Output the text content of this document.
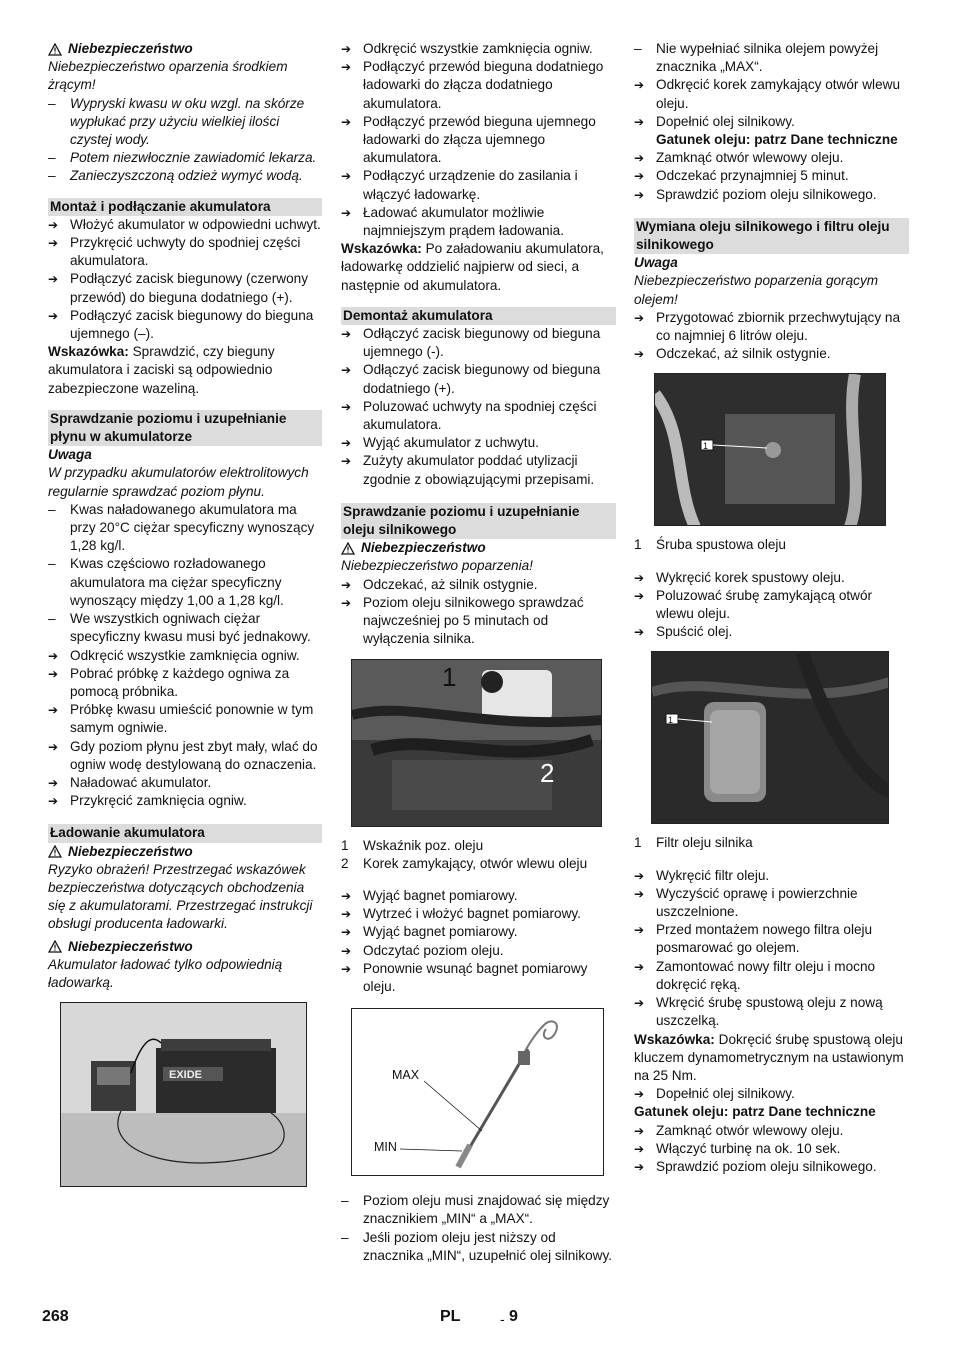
Niebezpieczeństwo
Niebezpieczeństwo oparzenia środkiem żrącym!
– Wypryski kwasu w oku wzgl. na skórze wypłukać przy użyciu wielkiej ilości czystej wody.
– Potem niezwłocznie zawiadomić lekarza.
– Zanieczyszczoną odzież wymyć wodą.
Montaż i podłączanie akumulatora
➔ Włożyć akumulator w odpowiedni uchwyt.
➔ Przykręcić uchwyty do spodniej części akumulatora.
➔ Podłączyć zacisk biegunowy (czerwony przewód) do bieguna dodatniego (+).
➔ Podłączyć zacisk biegunowy do bieguna ujemnego (–).
Wskazówka: Sprawdzić, czy bieguny akumulatora i zaciski są odpowiednio zabezpieczone wazeliną.
Sprawdzanie poziomu i uzupełnianie płynu w akumulatorze
Uwaga
W przypadku akumulatorów elektrolitowych regularnie sprawdzać poziom płynu.
– Kwas naładowanego akumulatora ma przy 20°C ciężar specyficzny wynoszący 1,28 kg/l.
– Kwas częściowo rozładowanego akumulatora ma ciężar specyficzny wynoszący między 1,00 a 1,28 kg/l.
– We wszystkich ogniwach ciężar specyficzny kwasu musi być jednakowy.
➔ Odkręcić wszystkie zamknięcia ogniw.
➔ Pobrać próbkę z każdego ogniwa za pomocą próbnika.
➔ Próbkę kwasu umieścić ponownie w tym samym ogniwie.
➔ Gdy poziom płynu jest zbyt mały, wlać do ogniw wodę destylowaną do oznaczenia.
➔ Naładować akumulator.
➔ Przykręcić zamknięcia ogniw.
Ładowanie akumulatora
Niebezpieczeństwo
Ryzyko obrażeń! Przestrzegać wskazówek bezpieczeństwa dotyczących obchodzenia się z akumulatorami. Przestrzegać instrukcji obsługi producenta ładowarki.
Niebezpieczeństwo
Akumulator ładować tylko odpowiednią ładowarką.
EXIDE
➔ Odkręcić wszystkie zamknięcia ogniw.
➔ Podłączyć przewód bieguna dodatniego ładowarki do złącza dodatniego akumulatora.
➔ Podłączyć przewód bieguna ujemnego ładowarki do złącza ujemnego akumulatora.
➔ Podłączyć urządzenie do zasilania i włączyć ładowarkę.
➔ Ładować akumulator możliwie najmniejszym prądem ładowania.
Wskazówka: Po załadowaniu akumulatora, ładowarkę oddzielić najpierw od sieci, a następnie od akumulatora.
Demontaż akumulatora
➔ Odłączyć zacisk biegunowy od bieguna ujemnego (-).
➔ Odłączyć zacisk biegunowy od bieguna dodatniego (+).
➔ Poluzować uchwyty na spodniej części akumulatora.
➔ Wyjąć akumulator z uchwytu.
➔ Zużyty akumulator poddać utylizacji zgodnie z obowiązującymi przepisami.
Sprawdzanie poziomu i uzupełnianie oleju silnikowego
Niebezpieczeństwo
Niebezpieczeństwo poparzenia!
➔ Odczekać, aż silnik ostygnie.
➔ Poziom oleju silnikowego sprawdzać najwcześniej po 5 minutach od wyłączenia silnika.
1
2
1 Wskaźnik poz. oleju
2 Korek zamykający, otwór wlewu oleju
➔ Wyjąć bagnet pomiarowy.
➔ Wytrzeć i włożyć bagnet pomiarowy.
➔ Wyjąć bagnet pomiarowy.
➔ Odczytać poziom oleju.
➔ Ponownie wsunąć bagnet pomiarowy oleju.
MAX
MIN
– Poziom oleju musi znajdować się między znacznikiem „MIN“ a „MAX“.
– Jeśli poziom oleju jest niższy od znacznika „MIN“, uzupełnić olej silnikowy.
– Nie wypełniać silnika olejem powyżej znacznika „MAX“.
➔ Odkręcić korek zamykający otwór wlewu oleju.
➔ Dopełnić olej silnikowy.
Gatunek oleju: patrz Dane techniczne
➔ Zamknąć otwór wlewowy oleju.
➔ Odczekać przynajmniej 5 minut.
➔ Sprawdzić poziom oleju silnikowego.
Wymiana oleju silnikowego i filtru oleju silnikowego
Uwaga
Niebezpieczeństwo poparzenia gorącym olejem!
➔ Przygotować zbiornik przechwytujący na co najmniej 6 litrów oleju.
➔ Odczekać, aż silnik ostygnie.
1
1 Śruba spustowa oleju
➔ Wykręcić korek spustowy oleju.
➔ Poluzować śrubę zamykającą otwór wlewu oleju.
➔ Spuścić olej.
1
1 Filtr oleju silnika
➔ Wykręcić filtr oleju.
➔ Wyczyścić oprawę i powierzchnie uszczelnione.
➔ Przed montażem nowego filtra oleju posmarować go olejem.
➔ Zamontować nowy filtr oleju i mocno dokręcić ręką.
➔ Wkręcić śrubę spustową oleju z nową uszczelką.
Wskazówka: Dokręcić śrubę spustową oleju kluczem dynamometrycznym na ustawionym na 25 Nm.
➔ Dopełnić olej silnikowy.
Gatunek oleju: patrz Dane techniczne
➔ Zamknąć otwór wlewowy oleju.
➔ Włączyć turbinę na ok. 10 sek.
➔ Sprawdzić poziom oleju silnikowego.
268	PL	- 9
